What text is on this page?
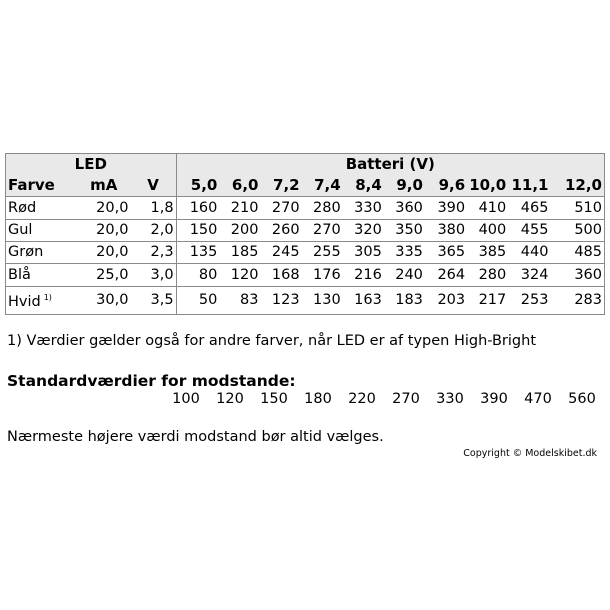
LED			Batteri (V)									
Farve	mA	V	5,0	6,0	7,2	7,4	8,4	9,0	9,6	10,0	11,1	12,0
Rød	20,0	1,8	160	210	270	280	330	360	390	410	465	510
Gul	20,0	2,0	150	200	260	270	320	350	380	400	455	500
Grøn	20,0	2,3	135	185	245	255	305	335	365	385	440	485
Blå	25,0	3,0	80	120	168	176	216	240	264	280	324	360
Hvid $^{1)}$	30,0	3,5	50	83	123	130	163	183	203	217	253	283
1) Værdier gælder også for andre farver, når LED er af typen High-Bright
Standardværdier for modstande:
100	120	150	180	220	270	330	390	470	560
Nærmeste højere værdi modstand bør altid vælges.
Copyright © Modelskibet.dk
